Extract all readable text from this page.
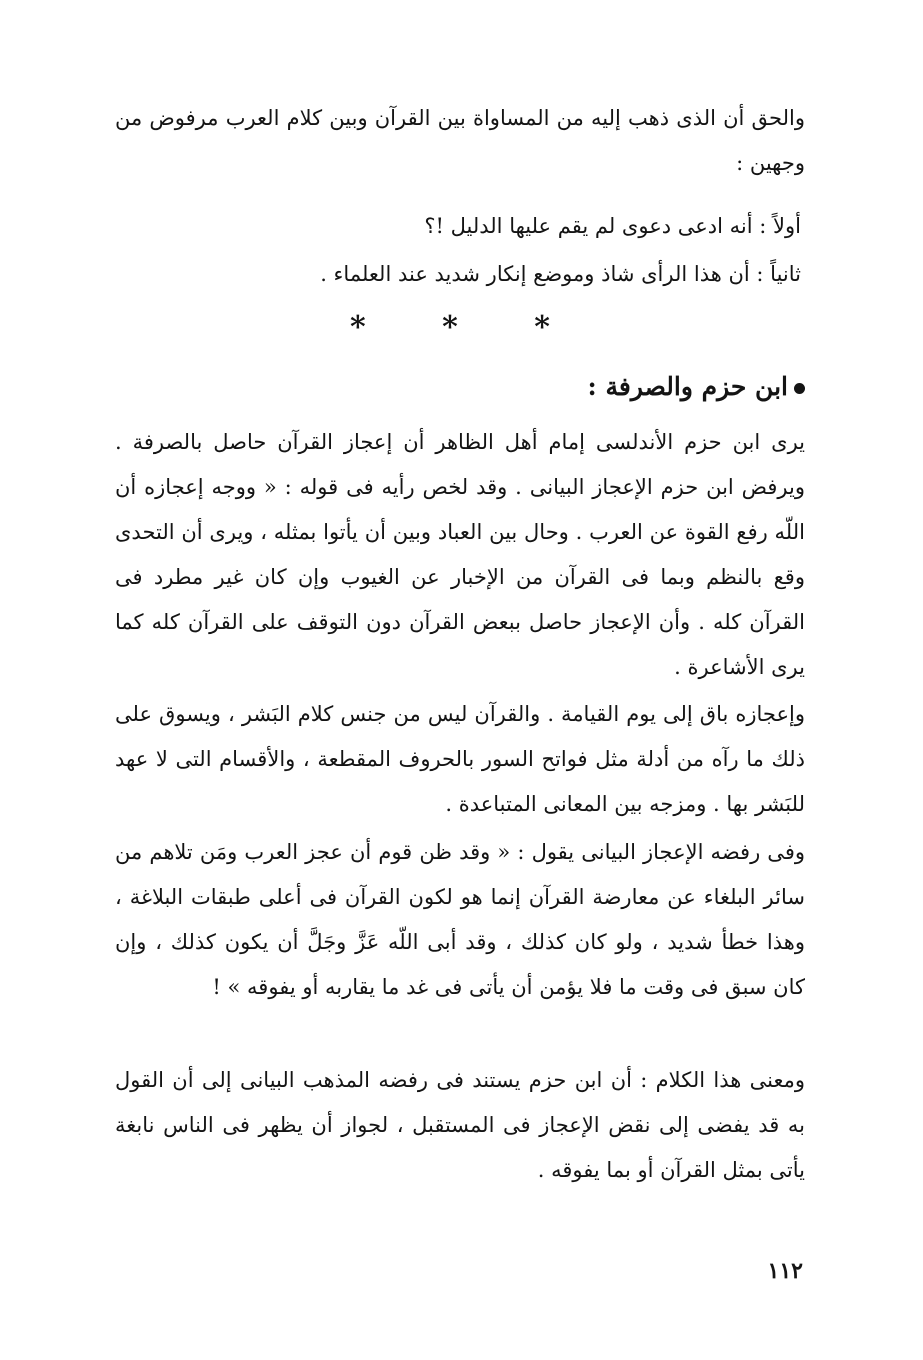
والحق أن الذى ذهب إليه من المساواة بين القرآن وبين كلام العرب مرفوض من وجهين :

أولاً : أنه ادعى دعوى لم يقم عليها الدليل !؟

ثانياً : أن هذا الرأى شاذ وموضع إنكار شديد عند العلماء .

*	*	*
ابن حزم والصرفة :

يرى ابن حزم الأندلسى إمام أهل الظاهر أن إعجاز القرآن حاصل بالصرفة . ويرفض ابن حزم الإعجاز البيانى . وقد لخص رأيه فى قوله : « ووجه إعجازه أن اللّه رفع القوة عن العرب . وحال بين العباد وبين أن يأتوا بمثله ، ويرى أن التحدى وقع بالنظم وبما فى القرآن من الإخبار عن الغيوب وإن كان غير مطرد فى القرآن كله . وأن الإعجاز حاصل ببعض القرآن دون التوقف على القرآن كله كما يرى الأشاعرة .

وإعجازه باق إلى يوم القيامة . والقرآن ليس من جنس كلام البَشر ، ويسوق على ذلك ما رآه من أدلة مثل فواتح السور بالحروف المقطعة ، والأقسام التى لا عهد للبَشر بها . ومزجه بين المعانى المتباعدة .

وفى رفضه الإعجاز البيانى يقول : « وقد ظن قوم أن عجز العرب ومَن تلاهم من سائر البلغاء عن معارضة القرآن إنما هو لكون القرآن فى أعلى طبقات البلاغة ، وهذا خطأ شديد ، ولو كان كذلك ، وقد أبى اللّه عَزَّ وجَلَّ أن يكون كذلك ، وإن كان سبق فى وقت ما فلا يؤمن أن يأتى فى غد ما يقاربه أو يفوقه » !

ومعنى هذا الكلام : أن ابن حزم يستند فى رفضه المذهب البيانى إلى أن القول به قد يفضى إلى نقض الإعجاز فى المستقبل ، لجواز أن يظهر فى الناس نابغة يأتى بمثل القرآن أو بما يفوقه .

١١٢
